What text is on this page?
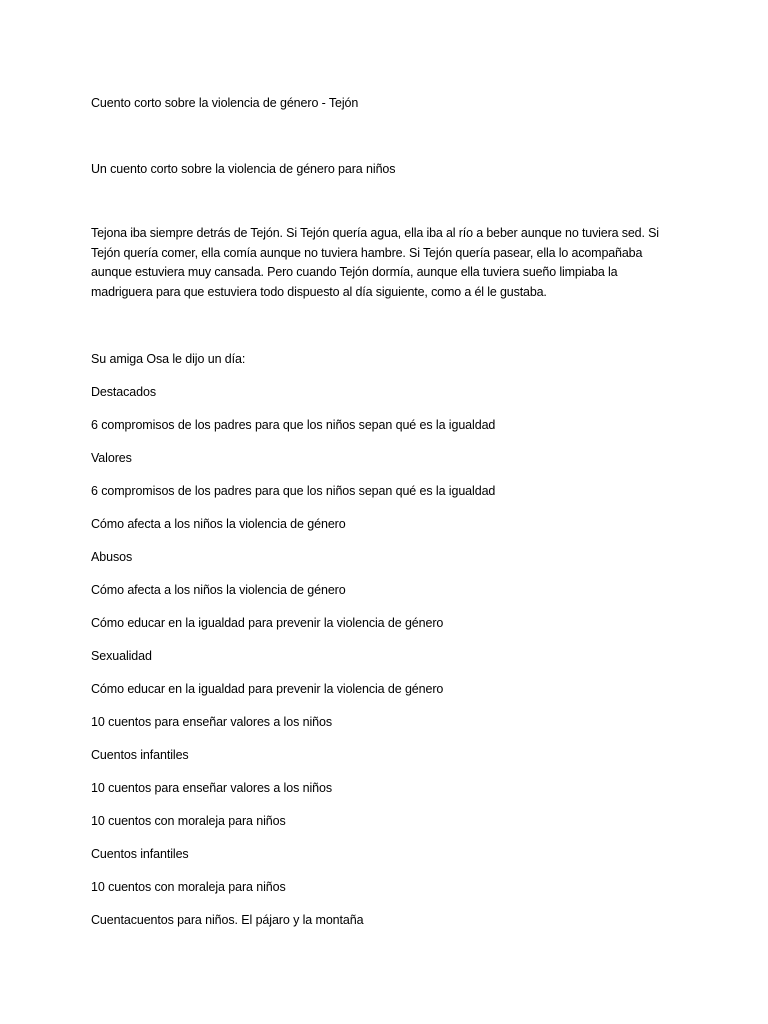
Cuento corto sobre la violencia de género - Tejón
Un cuento corto sobre la violencia de género para niños
Tejona iba siempre detrás de Tejón. Si Tejón quería agua, ella iba al río a beber aunque no tuviera sed. Si
Tejón quería comer, ella comía aunque no tuviera hambre. Si Tejón quería pasear, ella lo acompañaba
aunque estuviera muy cansada. Pero cuando Tejón dormía, aunque ella tuviera sueño limpiaba la
madriguera para que estuviera todo dispuesto al día siguiente, como a él le gustaba.
Su amiga Osa le dijo un día:
Destacados
6 compromisos de los padres para que los niños sepan qué es la igualdad
Valores
6 compromisos de los padres para que los niños sepan qué es la igualdad
Cómo afecta a los niños la violencia de género
Abusos
Cómo afecta a los niños la violencia de género
Cómo educar en la igualdad para prevenir la violencia de género
Sexualidad
Cómo educar en la igualdad para prevenir la violencia de género
10 cuentos para enseñar valores a los niños
Cuentos infantiles
10 cuentos para enseñar valores a los niños
10 cuentos con moraleja para niños
Cuentos infantiles
10 cuentos con moraleja para niños
Cuentacuentos para niños. El pájaro y la montaña
